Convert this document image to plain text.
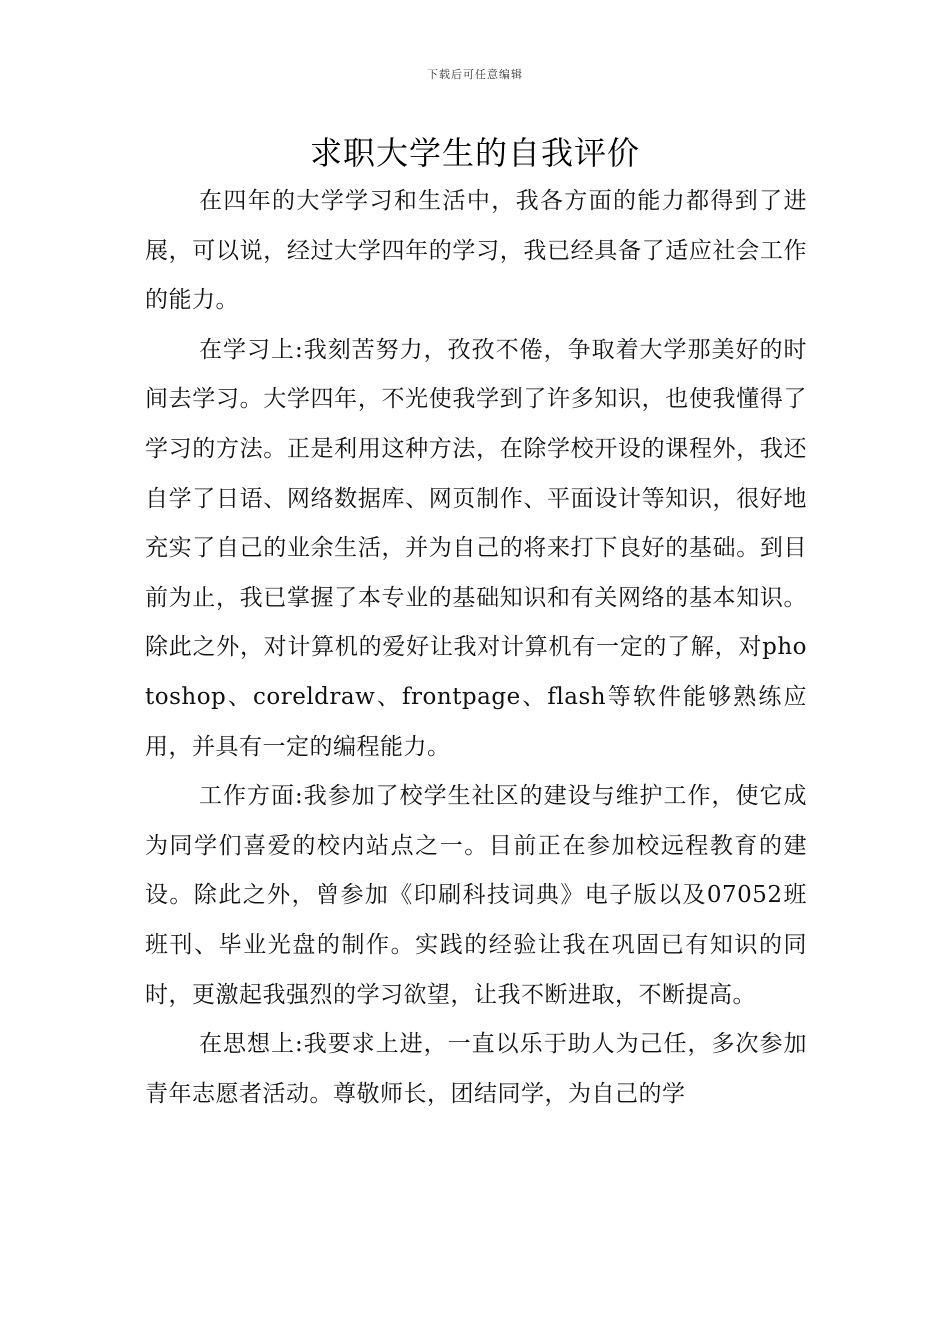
下载后可任意编辑
求职大学生的自我评价

在四年的大学学习和生活中，我各方面的能力都得到了进展，可以说，经过大学四年的学习，我已经具备了适应社会工作的能力。

在学习上:我刻苦努力，孜孜不倦，争取着大学那美好的时间去学习。大学四年，不光使我学到了许多知识，也使我懂得了学习的方法。正是利用这种方法，在除学校开设的课程外，我还自学了日语、网络数据库、网页制作、平面设计等知识，很好地充实了自己的业余生活，并为自己的将来打下良好的基础。到目前为止，我已掌握了本专业的基础知识和有关网络的基本知识。除此之外，对计算机的爱好让我对计算机有一定的了解，对photoshop、coreldraw、frontpage、flash等软件能够熟练应用，并具有一定的编程能力。

工作方面:我参加了校学生社区的建设与维护工作，使它成为同学们喜爱的校内站点之一。目前正在参加校远程教育的建设。除此之外，曾参加《印刷科技词典》电子版以及07052班班刊、毕业光盘的制作。实践的经验让我在巩固已有知识的同时，更激起我强烈的学习欲望，让我不断进取，不断提高。

在思想上:我要求上进，一直以乐于助人为己任，多次参加青年志愿者活动。尊敬师长，团结同学，为自己的学
